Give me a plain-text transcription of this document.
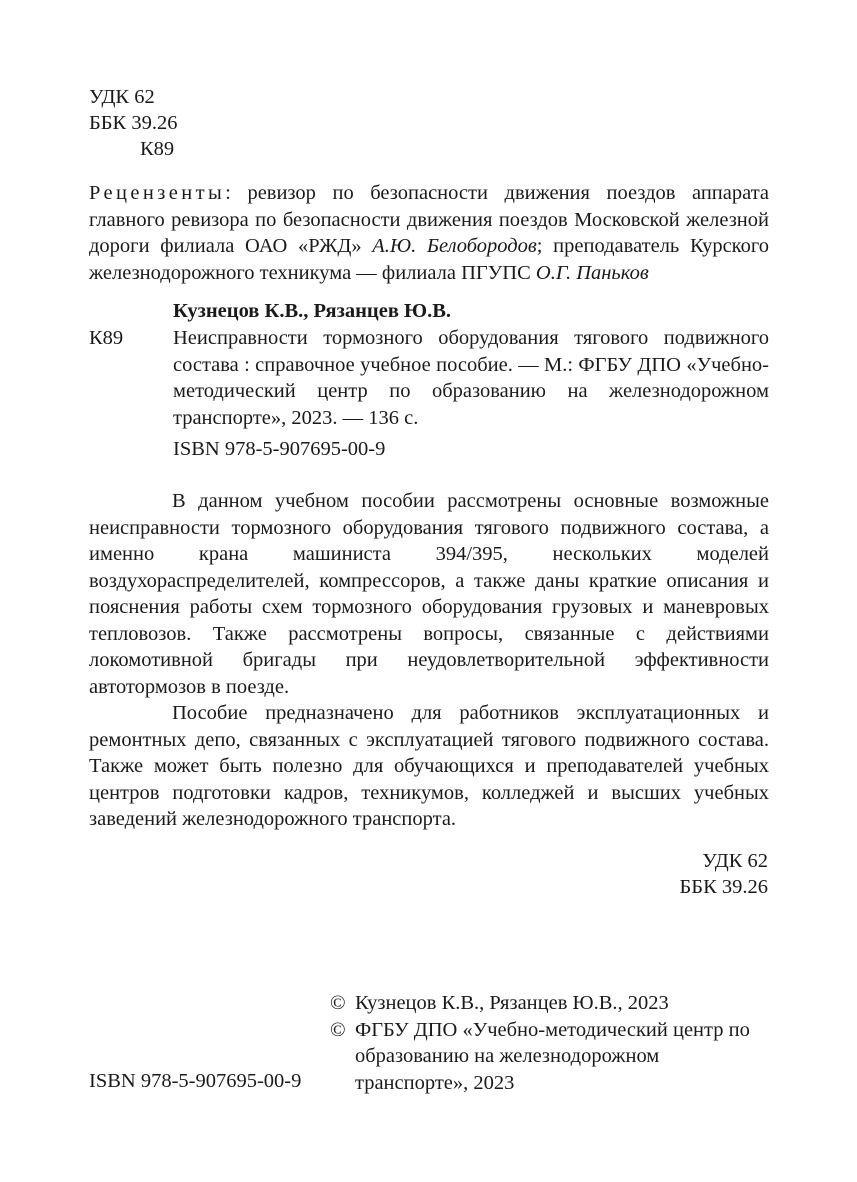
УДК 62
ББК 39.26
К89
Рецензенты: ревизор по безопасности движения поездов аппарата главного ревизора по безопасности движения поездов Московской железной дороги филиала ОАО «РЖД» А.Ю. Белобородов; преподаватель Курского железнодорожного техникума — филиала ПГУПС О.Г. Паньков
Кузнецов К.В., Рязанцев Ю.В.
К89 Неисправности тормозного оборудования тягового подвижного состава : справочное учебное пособие. — М.: ФГБУ ДПО «Учебно-методический центр по образованию на железнодорожном транспорте», 2023. — 136 с.
ISBN 978-5-907695-00-9

В данном учебном пособии рассмотрены основные возможные неисправности тормозного оборудования тягового подвижного состава, а именно крана машиниста 394/395, нескольких моделей воздухораспределителей, компрессоров, а также даны краткие описания и пояснения работы схем тормозного оборудования грузовых и маневровых тепловозов. Также рассмотрены вопросы, связанные с действиями локомотивной бригады при неудовлетворительной эффективности автотормозов в поезде.

Пособие предназначено для работников эксплуатационных и ремонтных депо, связанных с эксплуатацией тягового подвижного состава. Также может быть полезно для обучающихся и преподавателей учебных центров подготовки кадров, техникумов, колледжей и высших учебных заведений железнодорожного транспорта.

УДК 62
ББК 39.26
© Кузнецов К.В., Рязанцев Ю.В., 2023
© ФГБУ ДПО «Учебно-методический центр по образованию на железнодорожном транспорте», 2023
ISBN 978-5-907695-00-9
